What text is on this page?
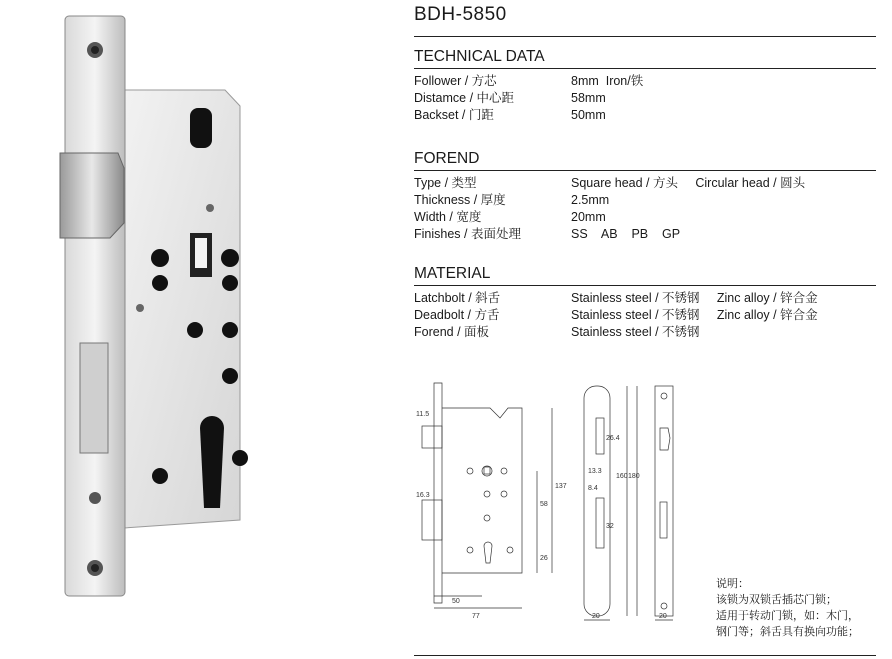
BDH-5850
TECHNICAL DATA
Follower / 方芯	8mm  Iron/铁
Distamce / 中心距	58mm
Backset / 门距	50mm
FOREND
Type / 类型	Square head / 方头     Circular head / 圆头
Thickness / 厚度	2.5mm
Width / 宽度	20mm
Finishes / 表面处理	SS    AB    PB    GP
MATERIAL
Latchbolt / 斜舌	Stainless steel / 不锈钢     Zinc alloy / 锌合金
Deadbolt / 方舌	Stainless steel / 不锈钢     Zinc alloy / 锌合金
Forend / 面板	Stainless steel / 不锈钢
11.5
16.3
50
77
137
58
26
26.4
13.3
8.4
32
160 180
20	20
说明：
该锁为双锁舌插芯门锁；
适用于转动门锁，如：木门，
钢门等；斜舌具有换向功能；
